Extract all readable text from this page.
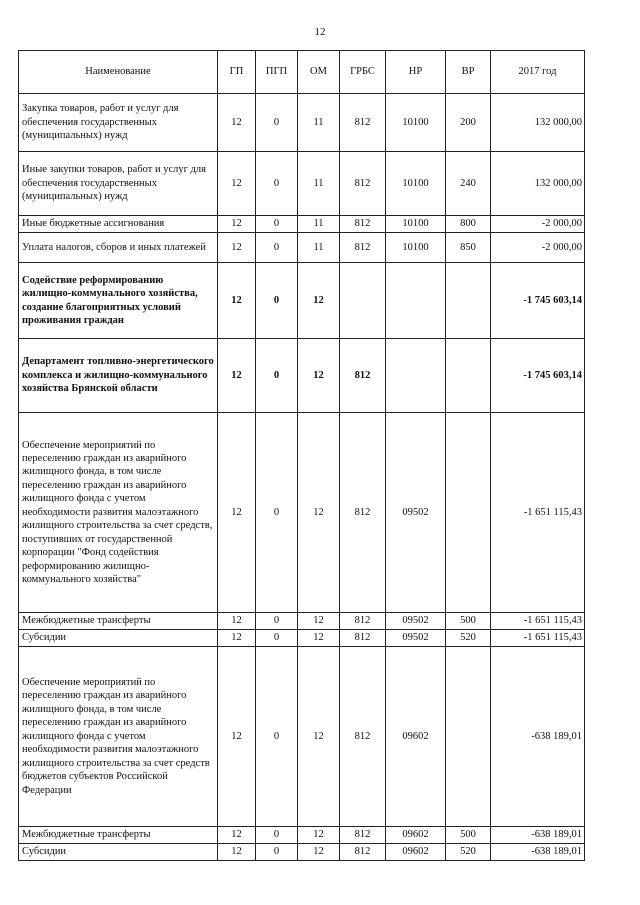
12
Наименование	ГП	ПГП	ОМ	ГРБС	НР	ВР	2017 год
Закупка товаров, работ и услуг для обеспечения государственных (муниципальных) нужд	12	0	11	812	10100	200	132 000,00
Иные закупки товаров, работ и услуг для обеспечения государственных (муниципальных) нужд	12	0	11	812	10100	240	132 000,00
Иные бюджетные ассигнования	12	0	11	812	10100	800	-2 000,00
Уплата налогов, сборов и иных платежей	12	0	11	812	10100	850	-2 000,00
Содействие реформированию жилищно-коммунального хозяйства, создание благоприятных условий проживания граждан	12	0	12				-1 745 603,14
Департамент топливно-энергетического комплекса и жилищно-коммунального хозяйства Брянской области	12	0	12	812			-1 745 603,14
Обеспечение мероприятий по переселению граждан из аварийного жилищного фонда, в том числе переселению граждан из аварийного жилищного фонда с учетом необходимости развития малоэтажного жилищного строительства за счет средств, поступивших от государственной корпорации "Фонд содействия реформированию жилищно-коммунального хозяйства"	12	0	12	812	09502		-1 651 115,43
Межбюджетные трансферты	12	0	12	812	09502	500	-1 651 115,43
Субсидии	12	0	12	812	09502	520	-1 651 115,43
Обеспечение мероприятий по переселению граждан из аварийного жилищного фонда, в том числе переселению граждан из аварийного жилищного фонда с учетом необходимости развития малоэтажного жилищного строительства за счет средств бюджетов субъектов Российской Федерации	12	0	12	812	09602		-638 189,01
Межбюджетные трансферты	12	0	12	812	09602	500	-638 189,01
Субсидии	12	0	12	812	09602	520	-638 189,01
